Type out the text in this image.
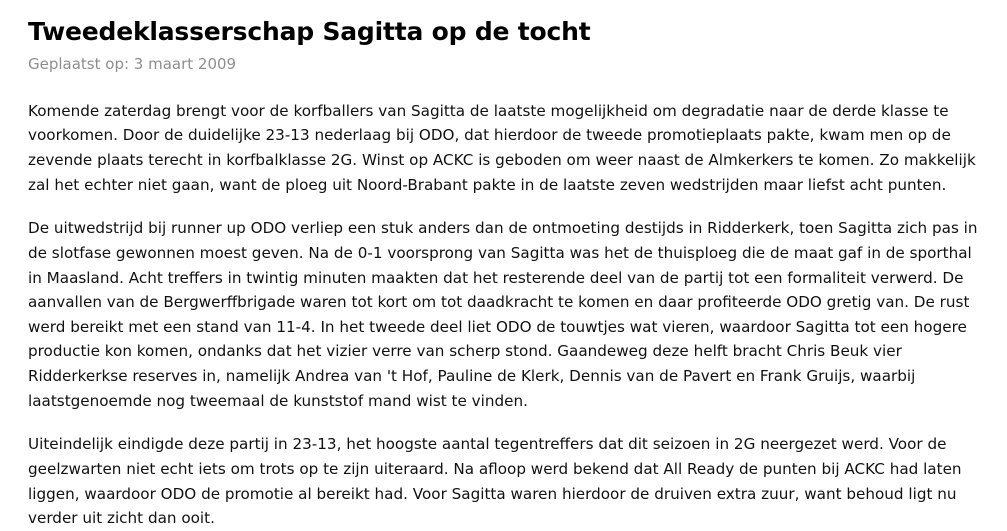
Tweedeklasserschap Sagitta op de tocht
Geplaatst op: 3 maart 2009

Komende zaterdag brengt voor de korfballers van Sagitta de laatste mogelijkheid om degradatie naar de derde klasse te voorkomen. Door de duidelijke 23-13 nederlaag bij ODO, dat hierdoor de tweede promotieplaats pakte, kwam men op de zevende plaats terecht in korfbalklasse 2G. Winst op ACKC is geboden om weer naast de Almkerkers te komen. Zo makkelijk zal het echter niet gaan, want de ploeg uit Noord-Brabant pakte in de laatste zeven wedstrijden maar liefst acht punten.

De uitwedstrijd bij runner up ODO verliep een stuk anders dan de ontmoeting destijds in Ridderkerk, toen Sagitta zich pas in de slotfase gewonnen moest geven. Na de 0-1 voorsprong van Sagitta was het de thuisploeg die de maat gaf in de sporthal in Maasland. Acht treffers in twintig minuten maakten dat het resterende deel van de partij tot een formaliteit verwerd. De aanvallen van de Bergwerffbrigade waren tot kort om tot daadkracht te komen en daar profiteerde ODO gretig van. De rust werd bereikt met een stand van 11-4. In het tweede deel liet ODO de touwtjes wat vieren, waardoor Sagitta tot een hogere productie kon komen, ondanks dat het vizier verre van scherp stond. Gaandeweg deze helft bracht Chris Beuk vier Ridderkerkse reserves in, namelijk Andrea van 't Hof, Pauline de Klerk, Dennis van de Pavert en Frank Gruijs, waarbij laatstgenoemde nog tweemaal de kunststof mand wist te vinden.

Uiteindelijk eindigde deze partij in 23-13, het hoogste aantal tegentreffers dat dit seizoen in 2G neergezet werd. Voor de geelzwarten niet echt iets om trots op te zijn uiteraard. Na afloop werd bekend dat All Ready de punten bij ACKC had laten liggen, waardoor ODO de promotie al bereikt had. Voor Sagitta waren hierdoor de druiven extra zuur, want behoud ligt nu verder uit zicht dan ooit.
